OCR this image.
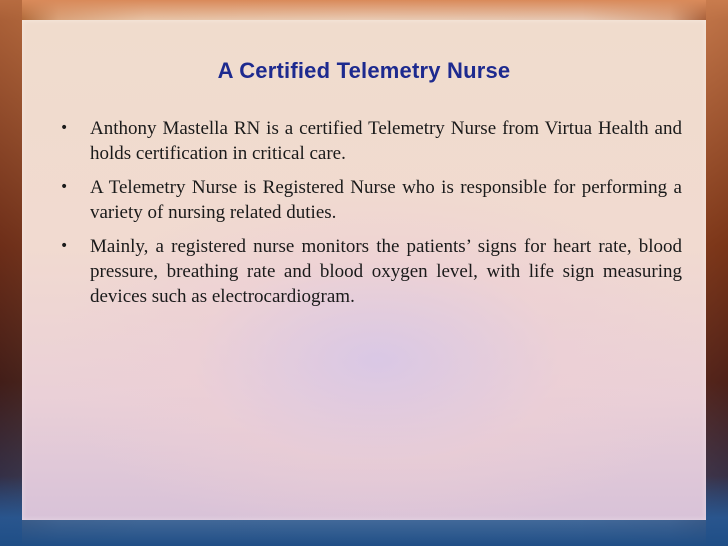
A Certified Telemetry Nurse
• Anthony Mastella RN is a certified Telemetry Nurse from Virtua Health and holds certification in critical care.
• A Telemetry Nurse is Registered Nurse who is responsible for performing a variety of nursing related duties.
• Mainly, a registered nurse monitors the patients’ signs for heart rate, blood pressure, breathing rate and blood oxygen level, with life sign measuring devices such as electrocardiogram.
